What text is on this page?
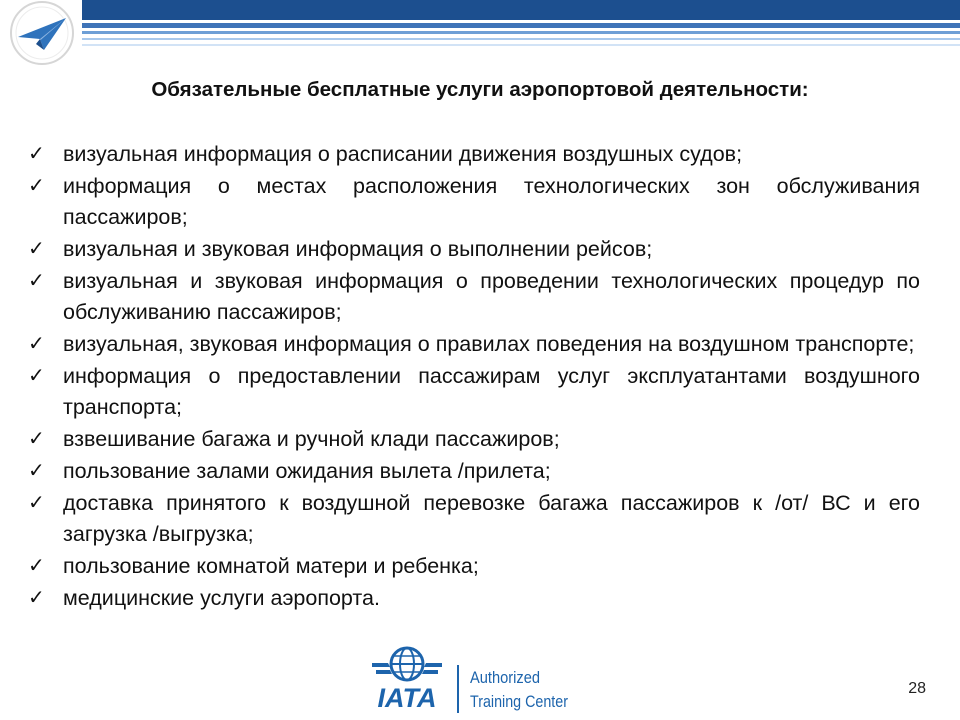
Обязательные бесплатные услуги аэропортовой деятельности:
✓ визуальная информация о расписании движения воздушных судов;
✓ информация о местах расположения технологических зон обслуживания пассажиров;
✓ визуальная и звуковая информация о выполнении рейсов;
✓ визуальная и звуковая информация о проведении технологических процедур по обслуживанию пассажиров;
✓ визуальная, звуковая информация о правилах поведения на воздушном транспорте;
✓ информация о предоставлении пассажирам услуг эксплуатантами воздушного транспорта;
✓ взвешивание багажа и ручной клади пассажиров;
✓ пользование залами ожидания вылета /прилета;
✓ доставка принятого к воздушной перевозке багажа пассажиров к /от/ ВС и его загрузка /выгрузка;
✓ пользование комнатой матери и ребенка;
✓ медицинские услуги аэропорта.
IATA
Authorized
Training Center
28
